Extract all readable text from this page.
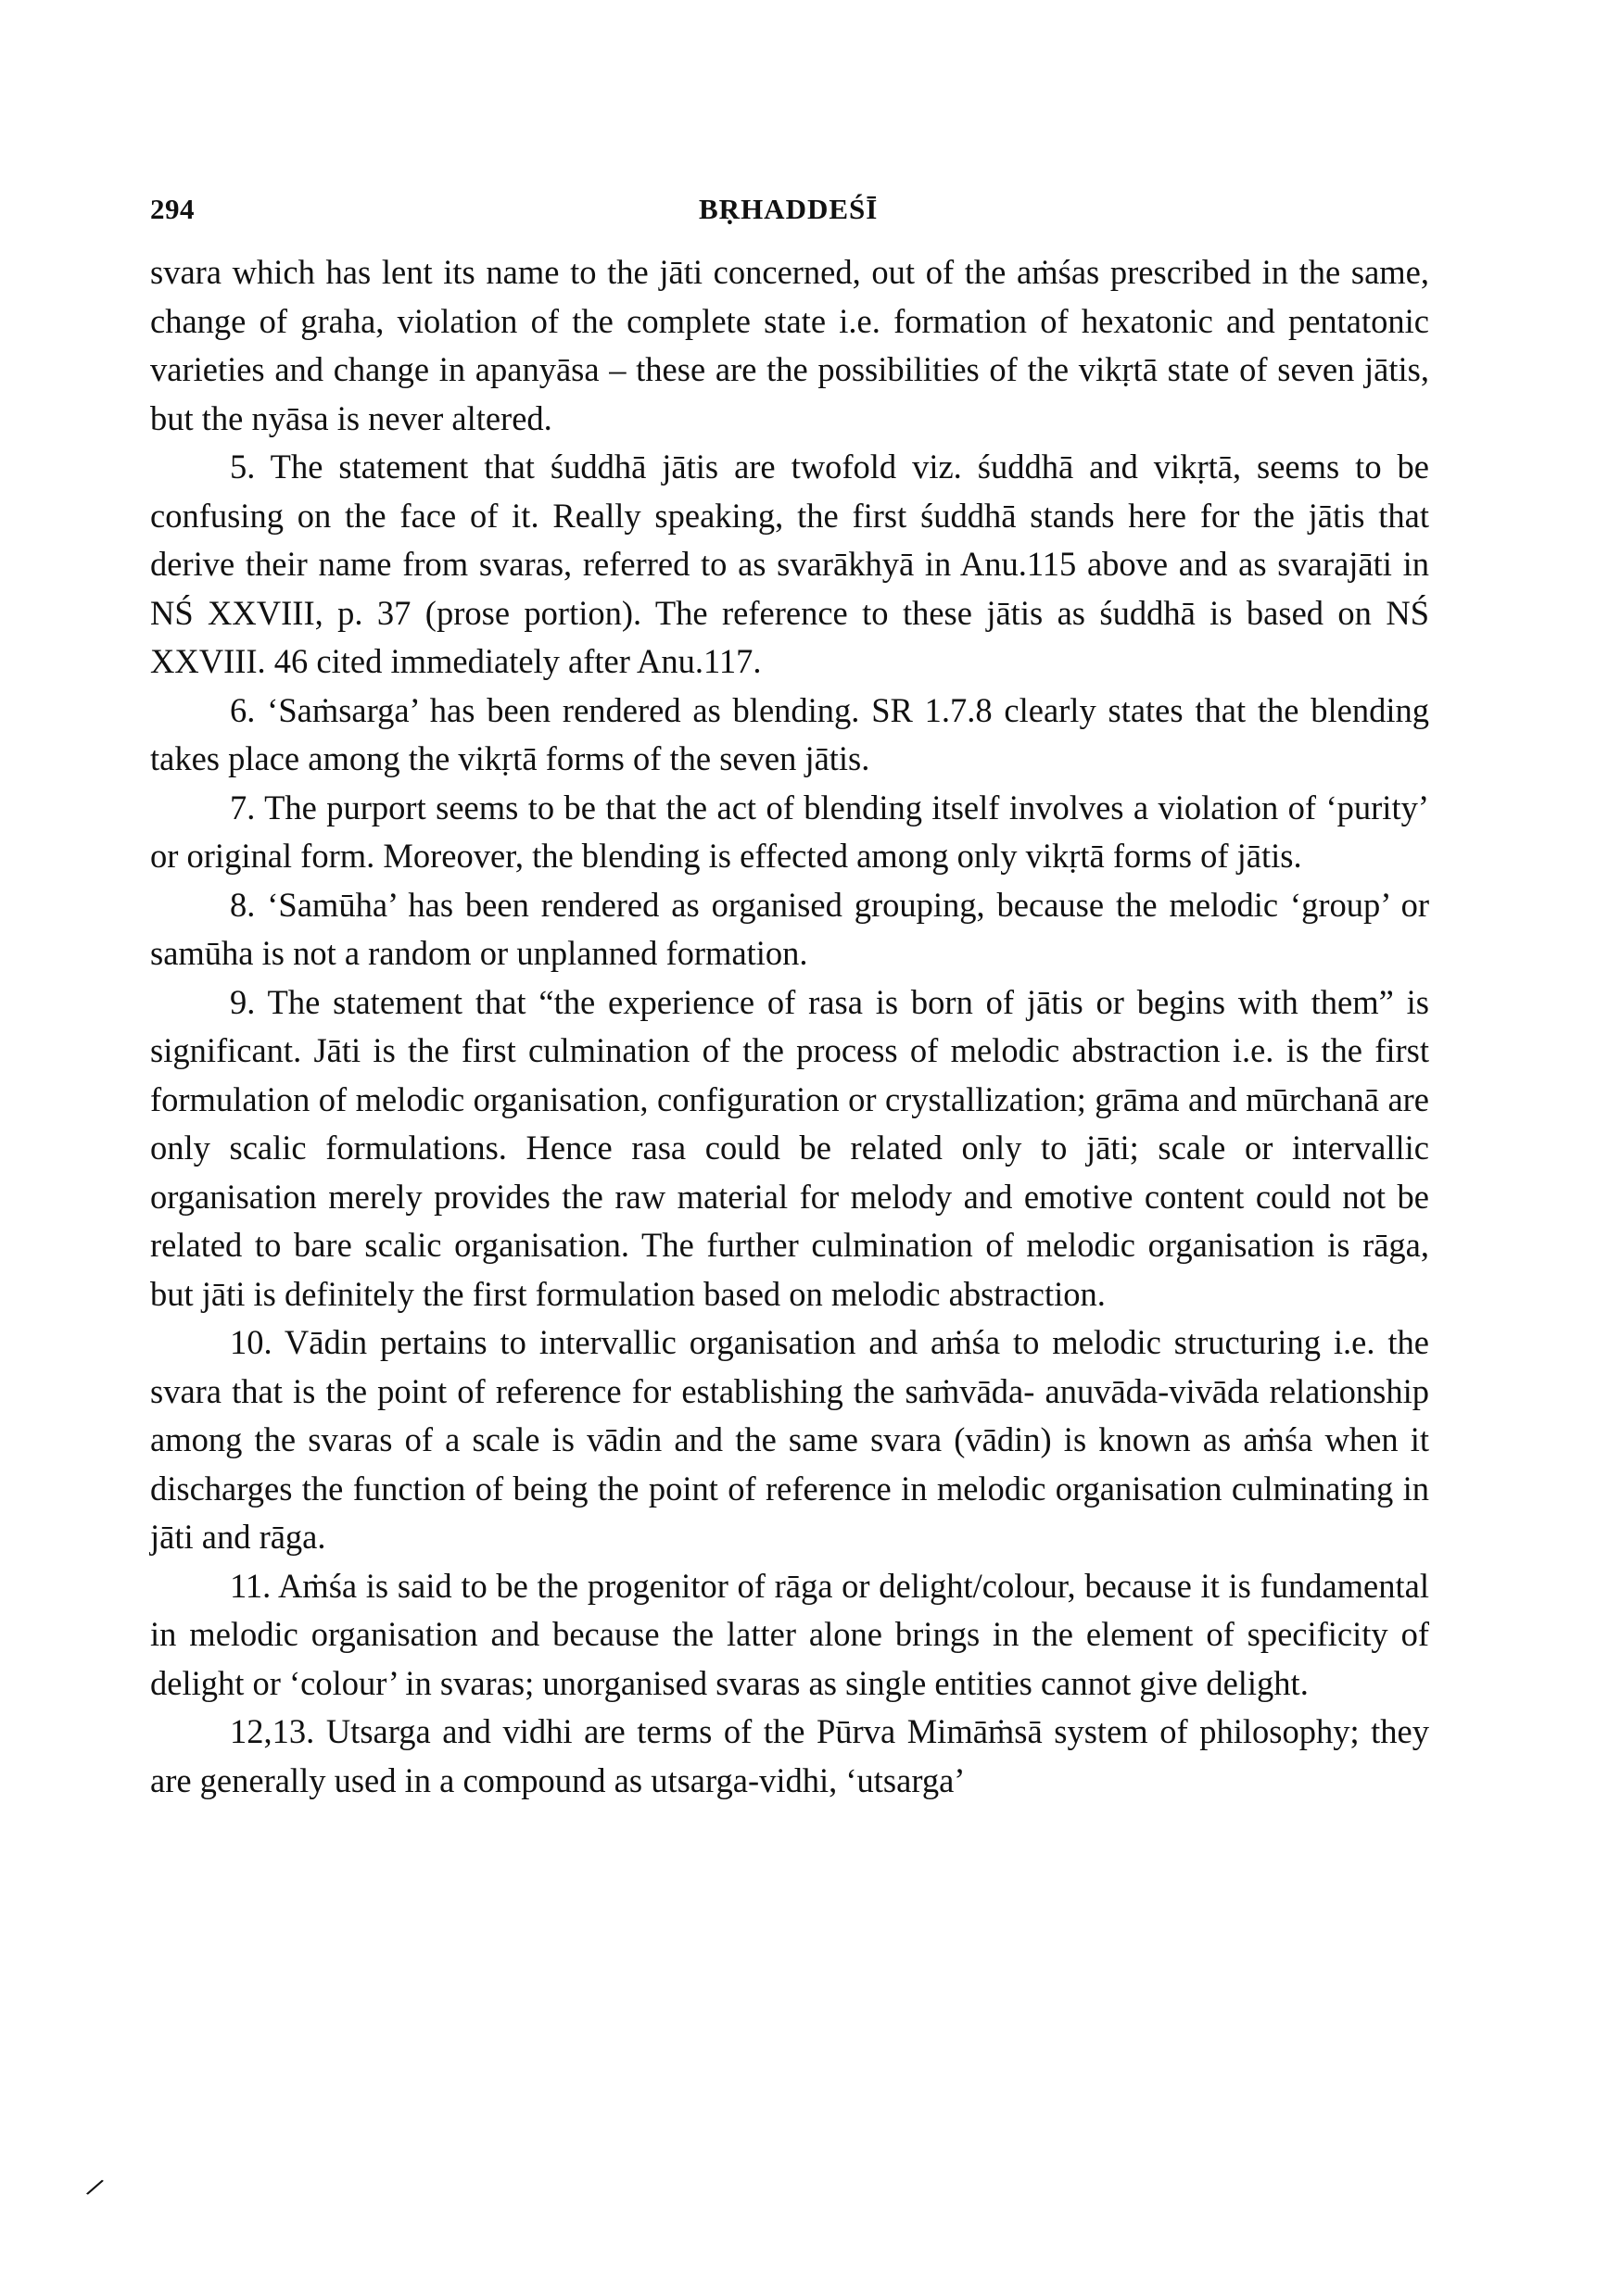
294	BṚHADDEŚĪ

svara which has lent its name to the jāti concerned, out of the aṁśas prescribed in the same, change of graha, violation of the complete state i.e. formation of hexatonic and pentatonic varieties and change in apanyāsa – these are the possibilities of the vikṛtā state of seven jātis, but the nyāsa is never altered.

5. The statement that śuddhā jātis are twofold viz. śuddhā and vikṛtā, seems to be confusing on the face of it. Really speaking, the first śuddhā stands here for the jātis that derive their name from svaras, referred to as svarākhyā in Anu.115 above and as svarajāti in NŚ XXVIII, p. 37 (prose portion). The reference to these jātis as śuddhā is based on NŚ XXVIII. 46 cited immediately after Anu.117.

6. ‘Saṁsarga’ has been rendered as blending. SR 1.7.8 clearly states that the blending takes place among the vikṛtā forms of the seven jātis.

7. The purport seems to be that the act of blending itself involves a violation of ‘purity’ or original form. Moreover, the blending is effected among only vikṛtā forms of jātis.

8. ‘Samūha’ has been rendered as organised grouping, because the melodic ‘group’ or samūha is not a random or unplanned formation.

9. The statement that “the experience of rasa is born of jātis or begins with them” is significant. Jāti is the first culmination of the process of melodic abstraction i.e. is the first formulation of melodic organisation, configuration or crystallization; grāma and mūrchanā are only scalic formulations. Hence rasa could be related only to jāti; scale or intervallic organisation merely provides the raw material for melody and emotive content could not be related to bare scalic organisation. The further culmination of melodic organisation is rāga, but jāti is definitely the first formulation based on melodic abstraction.

10. Vādin pertains to intervallic organisation and aṁśa to melodic structuring i.e. the svara that is the point of reference for establishing the saṁvāda- anuvāda-vivāda relationship among the svaras of a scale is vādin and the same svara (vādin) is known as aṁśa when it discharges the function of being the point of reference in melodic organisation culminating in jāti and rāga.

11. Aṁśa is said to be the progenitor of rāga or delight/colour, because it is fundamental in melodic organisation and because the latter alone brings in the element of specificity of delight or ‘colour’ in svaras; unorganised svaras as single entities cannot give delight.

12,13. Utsarga and vidhi are terms of the Pūrva Mimāṁsā system of philosophy; they are generally used in a compound as utsarga-vidhi, ‘utsarga’

/
